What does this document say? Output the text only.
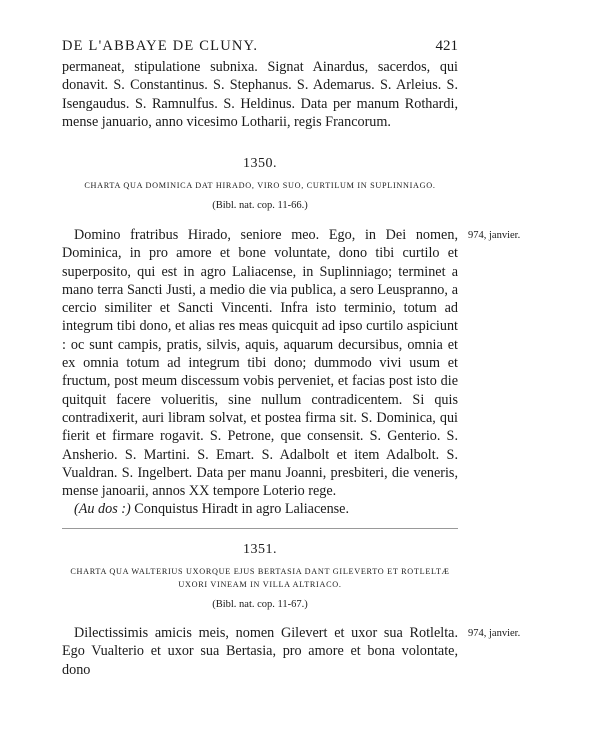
DE L'ABBAYE DE CLUNY.	421

permaneat, stipulatione subnixa. Signat Ainardus, sacerdos, qui donavit. S. Constantinus. S. Stephanus. S. Ademarus. S. Arleius. S. Isengaudus. S. Ramnulfus. S. Heldinus. Data per manum Rothardi, mense januario, anno vicesimo Lotharii, regis Francorum.

1350.
CHARTA QUA DOMINICA DAT HIRADO, VIRO SUO, CURTILUM IN SUPLINNIAGO.
(Bibl. nat. cop. 11-66.)
974, janvier.

Domino fratribus Hirado, seniore meo. Ego, in Dei nomen, Dominica, in pro amore et bone voluntate, dono tibi curtilo et superposito, qui est in agro Laliacense, in Suplinniago; terminet a mano terra Sancti Justi, a medio die via publica, a sero Leuspranno, a cercio similiter et Sancti Vincenti. Infra isto terminio, totum ad integrum tibi dono, et alias res meas quicquit ad ipso curtilo aspiciunt : oc sunt campis, pratis, silvis, aquis, aquarum decursibus, omnia et ex omnia totum ad integrum tibi dono; dummodo vivi usum et fructum, post meum discessum vobis perveniet, et facias post isto die quitquit facere volueritis, sine nullum contradicentem. Si quis contradixerit, auri libram solvat, et postea firma sit. S. Dominica, qui fierit et firmare rogavit. S. Petrone, que consensit. S. Genterio. S. Ansherio. S. Martini. S. Emart. S. Adalbolt et item Adalbolt. S. Vualdran. S. Ingelbert. Data per manu Joanni, presbiteri, die veneris, mense janoarii, annos XX tempore Loterio rege.

(Au dos :) Conquistus Hiradt in agro Laliacense.

1351.
CHARTA QUA WALTERIUS UXORQUE EJUS BERTASIA DANT GILEVERTO ET ROTLELTÆ
UXORI VINEAM IN VILLA ALTRIACO.
(Bibl. nat. cop. 11-67.)
974, janvier.

Dilectissimis amicis meis, nomen Gilevert et uxor sua Rotlelta. Ego Vualterio et uxor sua Bertasia, pro amore et bona volontate, dono
